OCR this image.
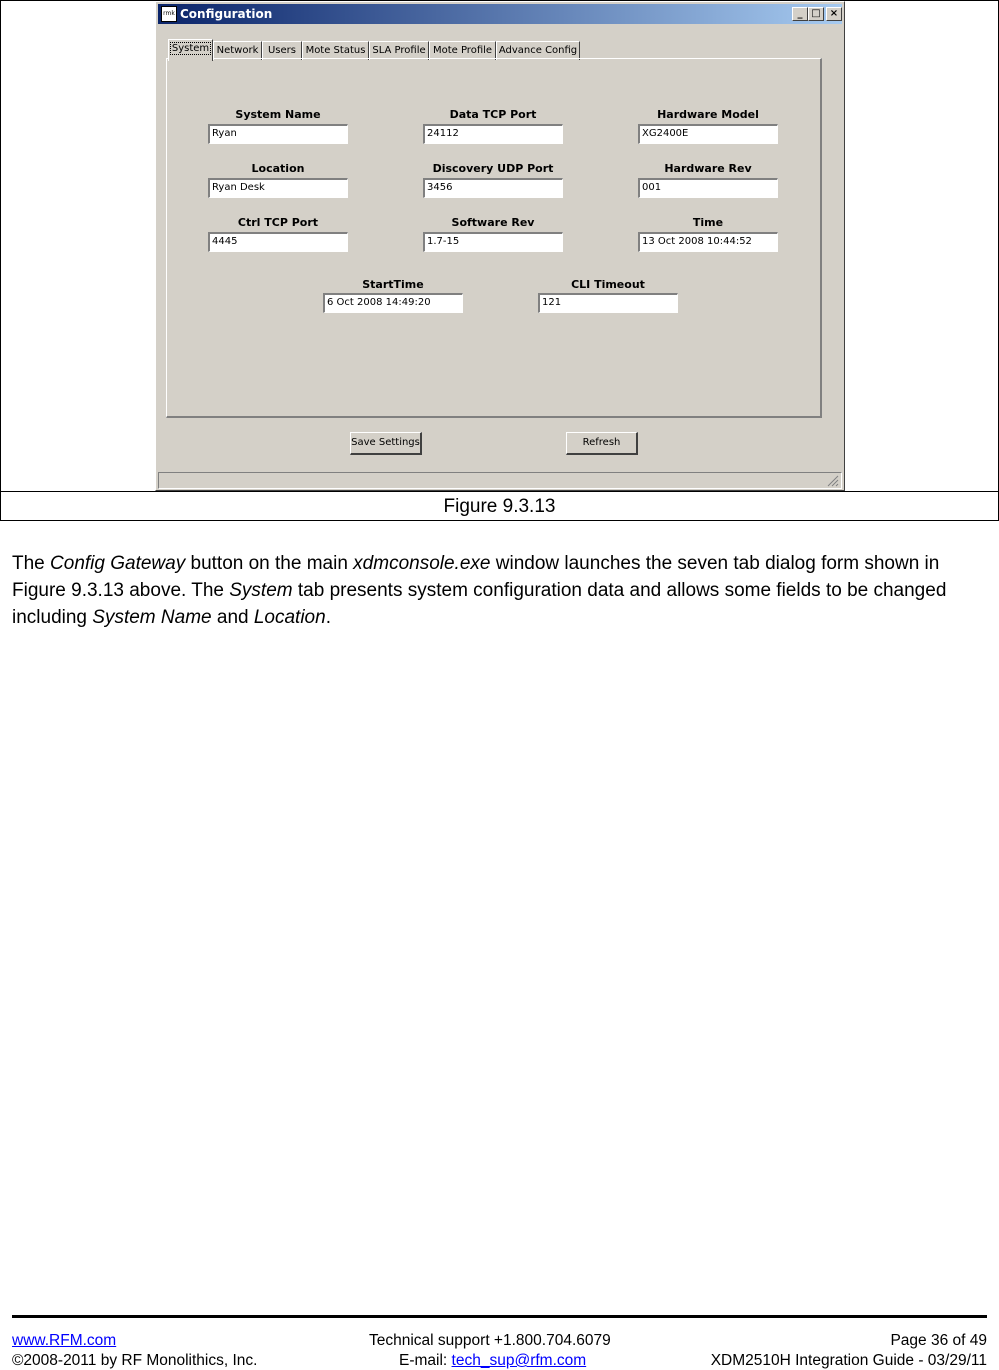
rmk Configuration	_ □ ×
System Network Users Mote Status SLA Profile Mote Profile Advance Config
System Name
Ryan
Data TCP Port
24112
Hardware Model
XG2400E
Location
Ryan Desk
Discovery UDP Port
3456
Hardware Rev
001
Ctrl TCP Port
4445
Software Rev
1.7-15
Time
13 Oct 2008 10:44:52
StartTime
6 Oct 2008 14:49:20
CLI Timeout
121
Save Settings	Refresh
Figure 9.3.13

The Config Gateway button on the main xdmconsole.exe window launches the seven tab dialog form shown in Figure 9.3.13 above. The System tab presents system configuration data and allows some fields to be changed including System Name and Location.

www.RFM.com
©2008-2011 by RF Monolithics, Inc.
Technical support +1.800.704.6079
E-mail: tech_sup@rfm.com
Page 36 of 49
XDM2510H Integration Guide - 03/29/11
